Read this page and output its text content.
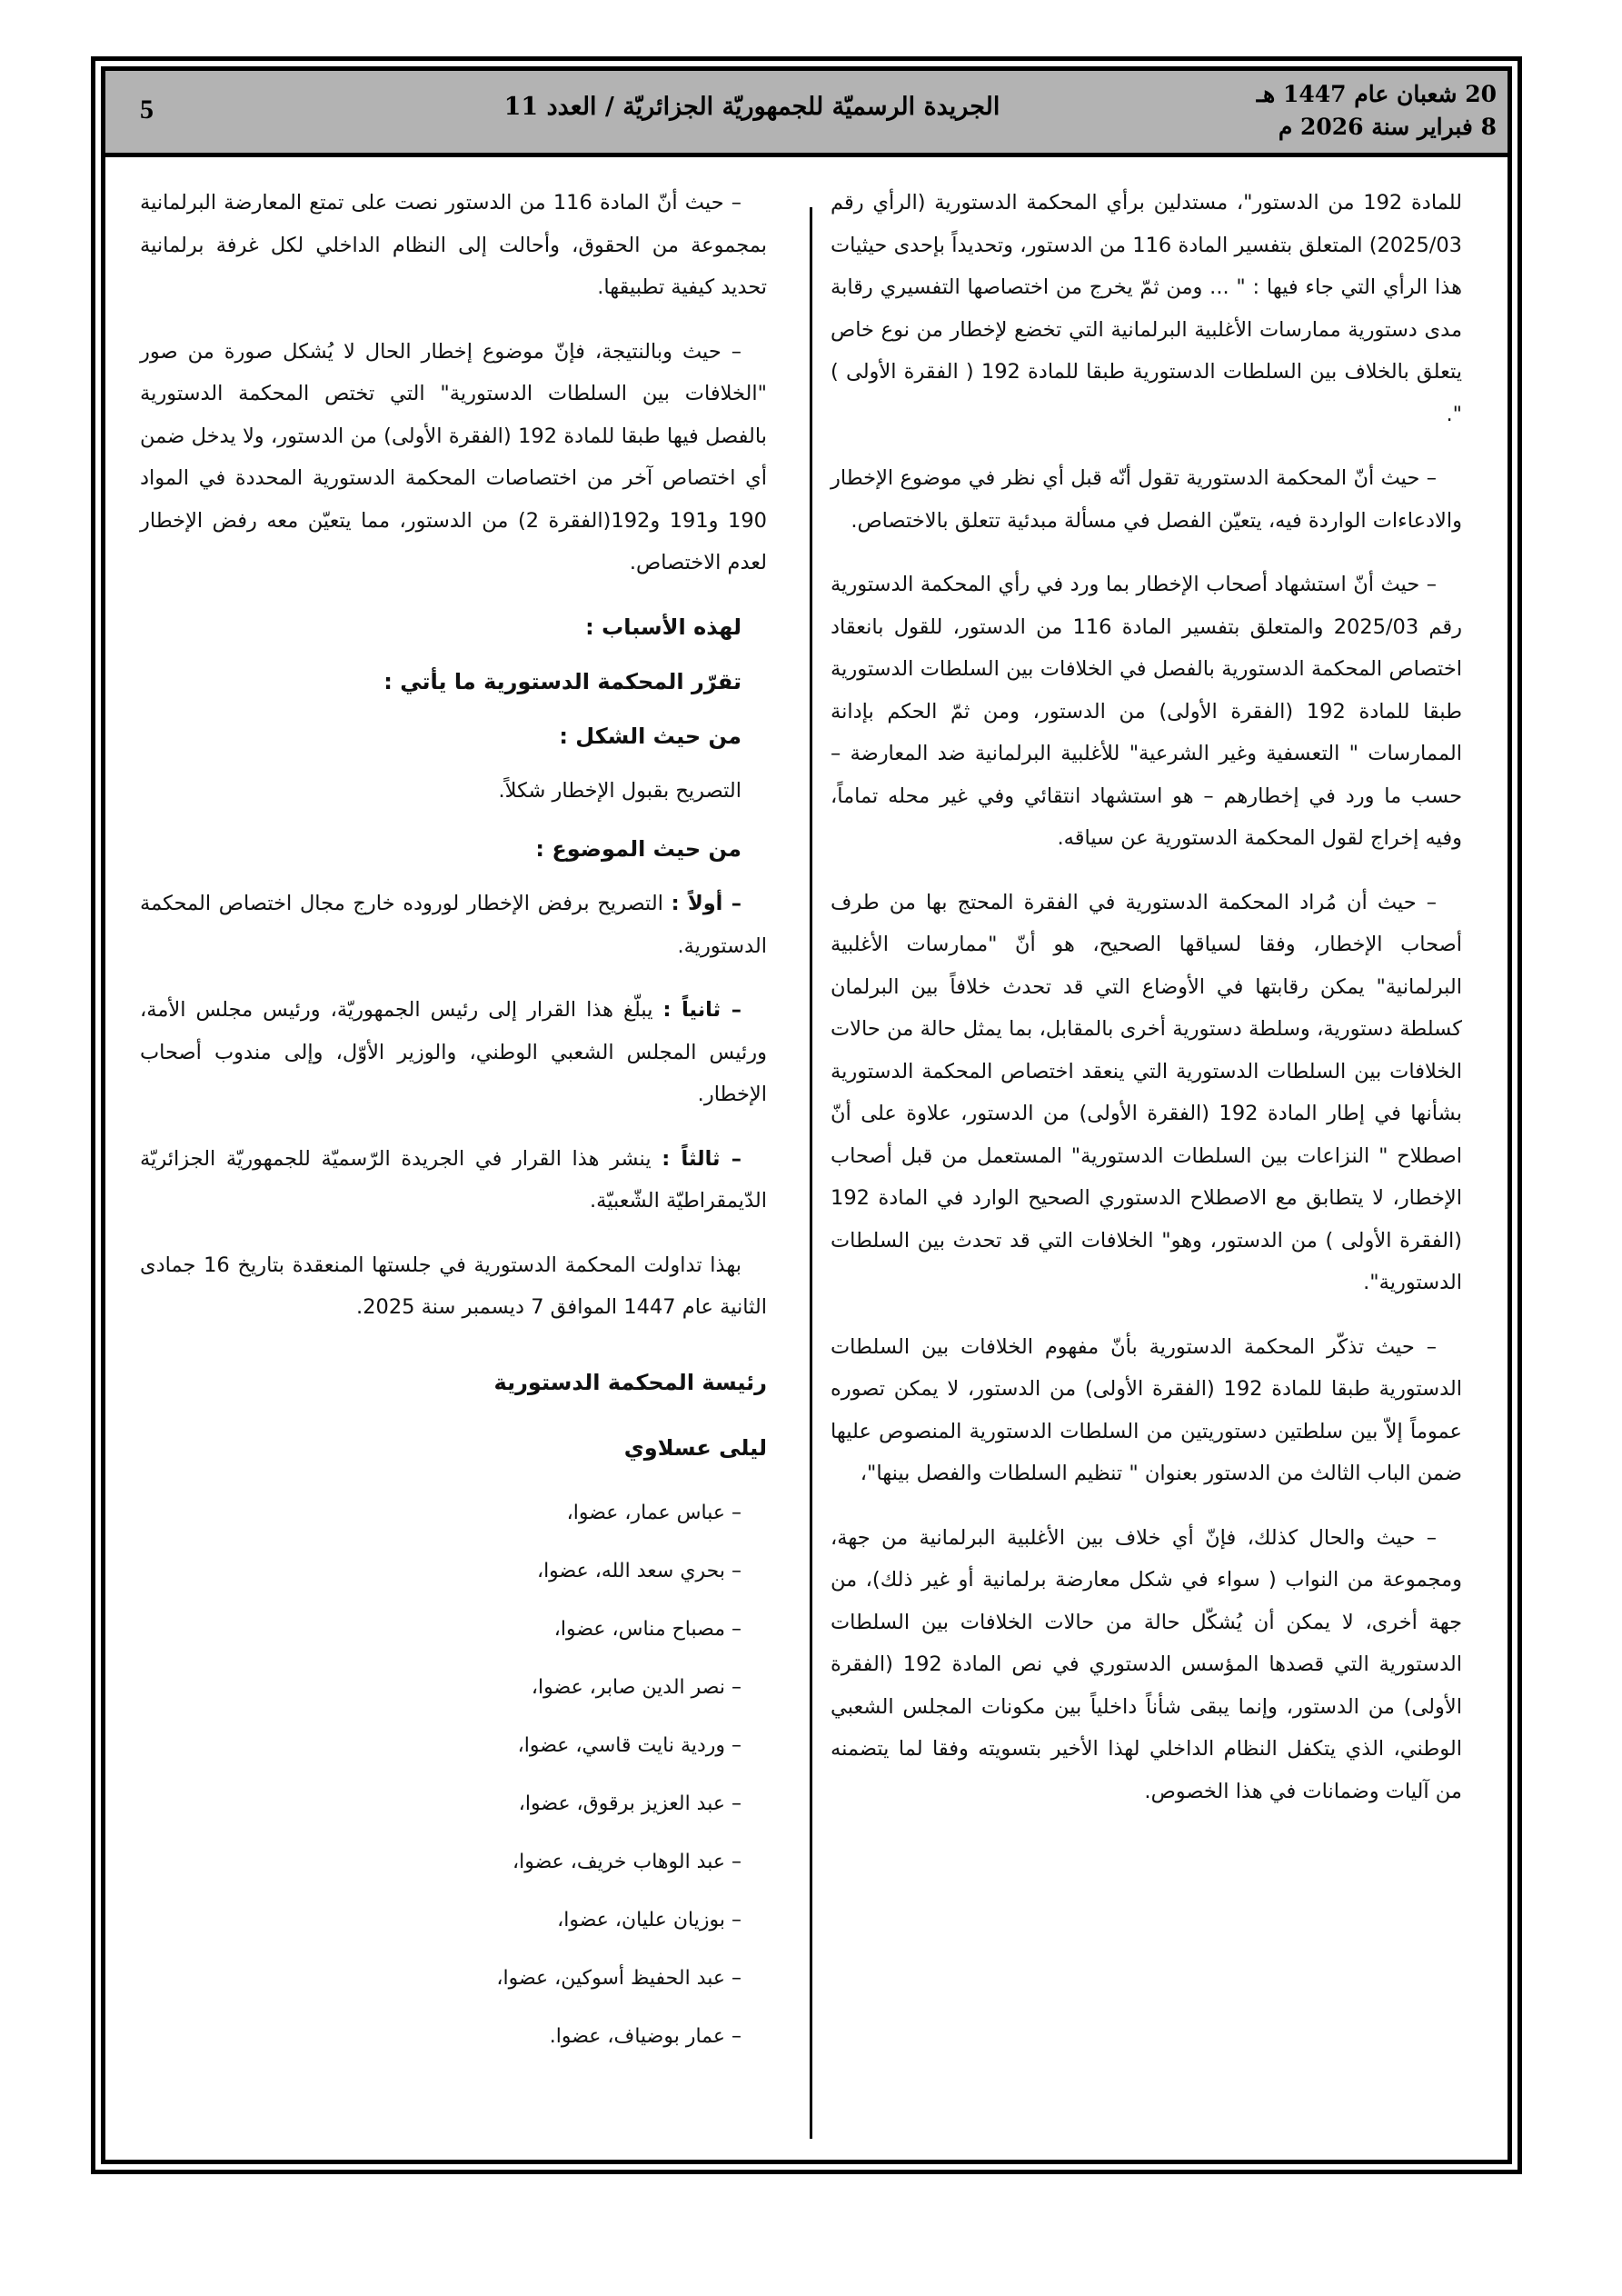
20 شعبان عام 1447 هـ
8 فبراير سنة 2026 م
الجريدة الرسميّة للجمهوريّة الجزائريّة / العدد 11
5

للمادة 192 من الدستور"، مستدلين برأي المحكمة الدستورية (الرأي رقم 2025/03) المتعلق بتفسير المادة 116 من الدستور، وتحديداً بإحدى حيثيات هذا الرأي التي جاء فيها : " ... ومن ثمّ يخرج من اختصاصها التفسيري رقابة مدى دستورية ممارسات الأغلبية البرلمانية التي تخضع لإخطار من نوع خاص يتعلق بالخلاف بين السلطات الدستورية طبقا للمادة 192 ( الفقرة الأولى ) ".

– حيث أنّ المحكمة الدستورية تقول أنّه قبل أي نظر في موضوع الإخطار والادعاءات الواردة فيه، يتعيّن الفصل في مسألة مبدئية تتعلق بالاختصاص.

– حيث أنّ استشهاد أصحاب الإخطار بما ورد في رأي المحكمة الدستورية رقم 2025/03 والمتعلق بتفسير المادة 116 من الدستور، للقول بانعقاد اختصاص المحكمة الدستورية بالفصل في الخلافات بين السلطات الدستورية طبقا للمادة 192 (الفقرة الأولى) من الدستور، ومن ثمّ الحكم بإدانة الممارسات " التعسفية وغير الشرعية" للأغلبية البرلمانية ضد المعارضة – حسب ما ورد في إخطارهم – هو استشهاد انتقائي وفي غير محله تماماً، وفيه إخراج لقول المحكمة الدستورية عن سياقه.

– حيث أن مُراد المحكمة الدستورية في الفقرة المحتج بها من طرف أصحاب الإخطار، وفقا لسياقها الصحيح، هو أنّ "ممارسات الأغلبية البرلمانية" يمكن رقابتها في الأوضاع التي قد تحدث خلافاً بين البرلمان كسلطة دستورية، وسلطة دستورية أخرى بالمقابل، بما يمثل حالة من حالات الخلافات بين السلطات الدستورية التي ينعقد اختصاص المحكمة الدستورية بشأنها في إطار المادة 192 (الفقرة الأولى) من الدستور، علاوة على أنّ اصطلاح " النزاعات بين السلطات الدستورية" المستعمل من قبل أصحاب الإخطار، لا يتطابق مع الاصطلاح الدستوري الصحيح الوارد في المادة 192 (الفقرة الأولى ) من الدستور، وهو" الخلافات التي قد تحدث بين السلطات الدستورية".

– حيث تذكّر المحكمة الدستورية بأنّ مفهوم الخلافات بين السلطات الدستورية طبقا للمادة 192 (الفقرة الأولى) من الدستور، لا يمكن تصوره عموماً إلاّ بين سلطتين دستوريتين من السلطات الدستورية المنصوص عليها ضمن الباب الثالث من الدستور بعنوان " تنظيم السلطات والفصل بينها"،

– حيث والحال كذلك، فإنّ أي خلاف بين الأغلبية البرلمانية من جهة، ومجموعة من النواب ( سواء في شكل معارضة برلمانية أو غير ذلك)، من جهة أخرى، لا يمكن أن يُشكّل حالة من حالات الخلافات بين السلطات الدستورية التي قصدها المؤسس الدستوري في نص المادة 192 (الفقرة الأولى) من الدستور، وإنما يبقى شأناً داخلياً بين مكونات المجلس الشعبي الوطني، الذي يتكفل النظام الداخلي لهذا الأخير بتسويته وفقا لما يتضمنه من آليات وضمانات في هذا الخصوص.

– حيث أنّ المادة 116 من الدستور نصت على تمتع المعارضة البرلمانية بمجموعة من الحقوق، وأحالت إلى النظام الداخلي لكل غرفة برلمانية تحديد كيفية تطبيقها.

– حيث وبالنتيجة، فإنّ موضوع إخطار الحال لا يُشكل صورة من صور "الخلافات بين السلطات الدستورية" التي تختص المحكمة الدستورية بالفصل فيها طبقا للمادة 192 (الفقرة الأولى) من الدستور، ولا يدخل ضمن أي اختصاص آخر من اختصاصات المحكمة الدستورية المحددة في المواد 190 و191 و192(الفقرة 2) من الدستور، مما يتعيّن معه رفض الإخطار لعدم الاختصاص.

لهذه الأسباب :
تقرّر المحكمة الدستورية ما يأتي :
من حيث الشكل :
التصريح بقبول الإخطار شكلاً.
من حيث الموضوع :

– أولاً : التصريح برفض الإخطار لوروده خارج مجال اختصاص المحكمة الدستورية.

– ثانياً : يبلّغ هذا القرار إلى رئيس الجمهوريّة، ورئيس مجلس الأمة، ورئيس المجلس الشعبي الوطني، والوزير الأوّل، وإلى مندوب أصحاب الإخطار.

– ثالثاً : ينشر هذا القرار في الجريدة الرّسميّة للجمهوريّة الجزائريّة الدّيمقراطيّة الشّعبيّة.

بهذا تداولت المحكمة الدستورية في جلستها المنعقدة بتاريخ 16 جمادى الثانية عام 1447 الموافق 7 ديسمبر سنة 2025.

رئيسة المحكمة الدستورية
ليلى عسلاوي
– عباس عمار، عضوا،
– بحري سعد الله، عضوا،
– مصباح مناس، عضوا،
– نصر الدين صابر، عضوا،
– وردية نايت قاسي، عضوا،
– عبد العزيز برقوق، عضوا،
– عبد الوهاب خريف، عضوا،
– بوزيان عليان، عضوا،
– عبد الحفيظ أسوكين، عضوا،
– عمار بوضياف، عضوا.
